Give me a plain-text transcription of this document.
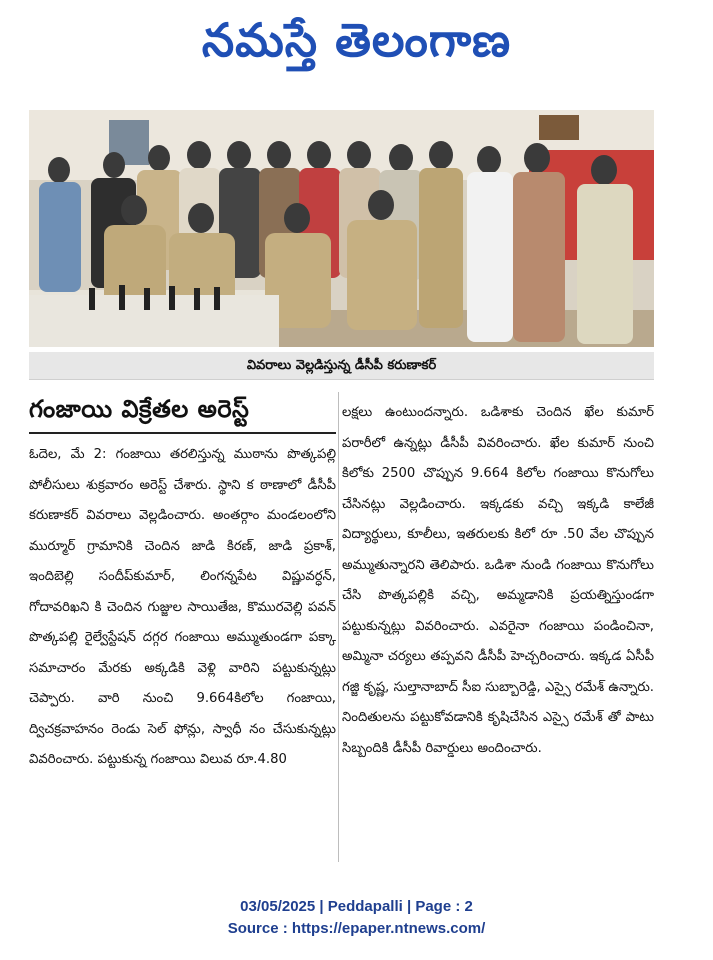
నమస్తే తెలంగాణ
వివరాలు వెల్లడిస్తున్న డీసీపీ కరుణాకర్
గంజాయి విక్రేతల అరెస్ట్

ఓదెల, మే 2: గంజాయి తరలిస్తున్న ముఠాను పొత్కపల్లి పోలీసులు శుక్రవారం అరెస్ట్ చేశారు. స్థాని క ఠాణాలో డీసీపీ కరుణాకర్ వివరాలు వెల్లడించారు. అంతర్గాం మండలంలోని ముర్మూర్ గ్రామానికి చెందిన జాడి కిరణ్, జాడి ప్రకాశ్, ఇందిబెల్లి సందీప్‌కుమార్, లింగన్నపేట విష్ణువర్ధన్, గోదావరిఖని కి చెందిన గుజ్జుల సాయితేజ, కొమురవెల్లి పవన్ పొత్కపల్లి రైల్వేస్టేషన్ దగ్గర గంజాయి అమ్ముతుండగా పక్కా సమాచారం మేరకు అక్కడికి వెళ్లి వారిని పట్టుకున్నట్లు చెప్పారు. వారి నుంచి 9.664కిలోల గంజాయి, ద్విచక్రవాహనం రెండు సెల్ ఫోన్లు, స్వాధీ నం చేసుకున్నట్లు వివరించారు. పట్టుకున్న గంజాయి విలువ రూ.4.80

లక్షలు ఉంటుందన్నారు. ఒడిశాకు చెందిన ఖేల కుమార్ పరారీలో ఉన్నట్లు డీసీపీ వివరించారు. ఖేల కుమార్ నుంచి కిలోకు 2500 చొప్పున 9.664 కిలోల గంజాయి కొనుగోలు చేసినట్లు వెల్లడించారు. ఇక్కడకు వచ్చి ఇక్కడి కాలేజీ విద్యార్థులు, కూలీలు, ఇతరులకు కిలో రూ .50 వేల చొప్పున అమ్ముతున్నారని తెలిపారు. ఒడిశా నుండి గంజాయి కొనుగోలు చేసి పొత్కపల్లికి వచ్చి, అమ్మడానికి ప్రయత్నిస్తుండగా పట్టుకున్నట్లు వివరించారు. ఎవరైనా గంజాయి పండించినా, అమ్మినా చర్యలు తప్పవని డీసీపీ హెచ్చరించారు. ఇక్కడ ఏసీపీ గజ్జి కృష్ణ, సుల్తానాబాద్ సీఐ సుబ్బారెడ్డి, ఎస్సై రమేశ్ ఉన్నారు. నిందితులను పట్టుకోవడానికి కృషిచేసిన ఎస్సై రమేశ్ తో పాటు సిబ్బందికి డీసీపీ రివార్డులు అందించారు.

03/05/2025 | Peddapalli | Page : 2
Source : https://epaper.ntnews.com/
